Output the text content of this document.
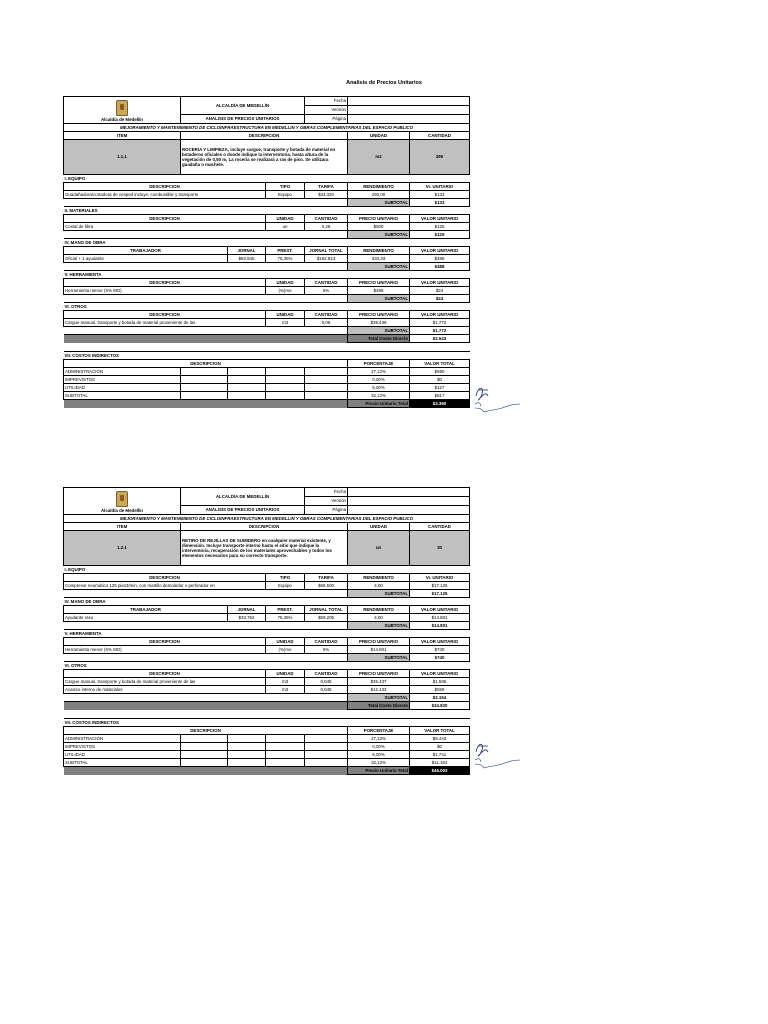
Analisis de Precios Unitarios
Alcaldía de Medellín	ALCALDÍA DE MEDELLÍN			Fecha		
				Versión		
	ANÁLISIS DE PRECIOS UNITARIOS			Página		
MEJORAMIENTO Y MANTENIMIENTO DE CICLOINFRAESTRUCTURA EN MEDELLIN Y OBRAS COMPLEMENTARIAS DEL ESPACIO PUBLICO						
ITEM	DESCRIPCION				UNIDAD	CANTIDAD
1.1.1	ROCERÍA Y LIMPIEZA, incluye cargue, transporte y botada de material en botaderos oficiales o donde indique la interventoria, hasta altura de la vegetación de 0,50 m, La rocería se realizará a ras de piso. Se utilizara guadaña o machete.				m2	290
I. EQUIPO						
DESCRIPCION			TIPO	TARIFA	RENDIMIENTO	Vr. UNITARIO
Guadañadora/cortadora de cesped incluye: combustible y transporte			Equipo	$33.320	250,00	$133
					SUBTOTAL	$133
II. MATERIALES						
DESCRIPCION			UNIDAD	CANTIDAD	PRECIO UNITARIO	VALOR UNITARIO
Costal de fibra			un	0,25	$500	$125
					SUBTOTAL	$125
IV. MANO DE OBRA						
TRABAJADOR		JORNAL	PREST.	JORNAL TOTAL	RENDIMIENTO	VALOR UNITARIO
Oficial + 1 ayudante		$92.845	75,36%	$162.813	333,33	$488
					SUBTOTAL	$488
V. HERRAMIENTA						
DESCRIPCION			UNIDAD	CANTIDAD	PRECIO UNITARIO	VALOR UNITARIO
Herramienta menor (5% MO)			(%)mo	5%	$488	$24
					SUBTOTAL	$24
VI. OTROS						
DESCRIPCION			UNIDAD	CANTIDAD	PRECIO UNITARIO	VALOR UNITARIO
Cargue manual, transporte y botada de material proveniente de las			m3	0,05	$35.439	$1.772
					SUBTOTAL	$1.772
					Total Costo Directo	$2.543

VII. COSTOS INDIRECTOS						
DESCRIPCION					PORCENTAJE	VALOR TOTAL
ADMINISTRACION					27,12%	$690
IMPREVISTOS					0,00%	$0
UTILIDAD					5,00%	$127
SUBTOTAL					32,12%	$817
					Precio Unitario Total	$3.360
Alcaldía de Medellín	ALCALDÍA DE MEDELLÍN			Fecha		
				Versión		
	ANÁLISIS DE PRECIOS UNITARIOS			Página		
MEJORAMIENTO Y MANTENIMIENTO DE CICLOINFRAESTRUCTURA EN MEDELLIN Y OBRAS COMPLEMENTARIAS DEL ESPACIO PUBLICO						
ITEM	DESCRIPCION				UNIDAD	CANTIDAD
1.2.1	RETIRO DE REJILLAS DE SUMIDERO en cualquier material existente, y dimensión. Incluye transporte interno hasta el sitio que indique la interventoria, recuperación de los materiales aprovechables y todos los elementos necesarios para su correcto transporte.				un	30
I. EQUIPO						
DESCRIPCION			TIPO	TARIFA	RENDIMIENTO	Vr. UNITARIO
Compresor neumático 125 pies3/min, con martillo demoledor o perforador en			Equipo	$68.500	4,00	$17.125
					SUBTOTAL	$17.125
IV. MANO DE OBRA						
TRABAJADOR		JORNAL	PREST.	JORNAL TOTAL	RENDIMIENTO	VALOR UNITARIO
Ayudante raso		$33.762	75,36%	$59.205	4,00	$14.801
					SUBTOTAL	$14.801
V. HERRAMIENTA						
DESCRIPCION			UNIDAD	CANTIDAD	PRECIO UNITARIO	VALOR UNITARIO
Herramienta menor (5% MO)			(%)mo	5%	$14.801	$740
					SUBTOTAL	$740
VI. OTROS						
DESCRIPCION			UNIDAD	CANTIDAD	PRECIO UNITARIO	VALOR UNITARIO
Cargue manual, transporte y botada de material proveniente de las			m3	0,045	$35.437	$1.595
Acarreo interno de materiales			m3	0,045	$12.433	$559
					SUBTOTAL	$2.154
					Total Costo Directo	$34.820

VII. COSTOS INDIRECTOS						
DESCRIPCION					PORCENTAJE	VALOR TOTAL
ADMINISTRACION					27,12%	$9.443
IMPREVISTOS					0,00%	$0
UTILIDAD					5,00%	$1.741
SUBTOTAL					32,12%	$11.184
					Precio Unitario Total	$46.003
